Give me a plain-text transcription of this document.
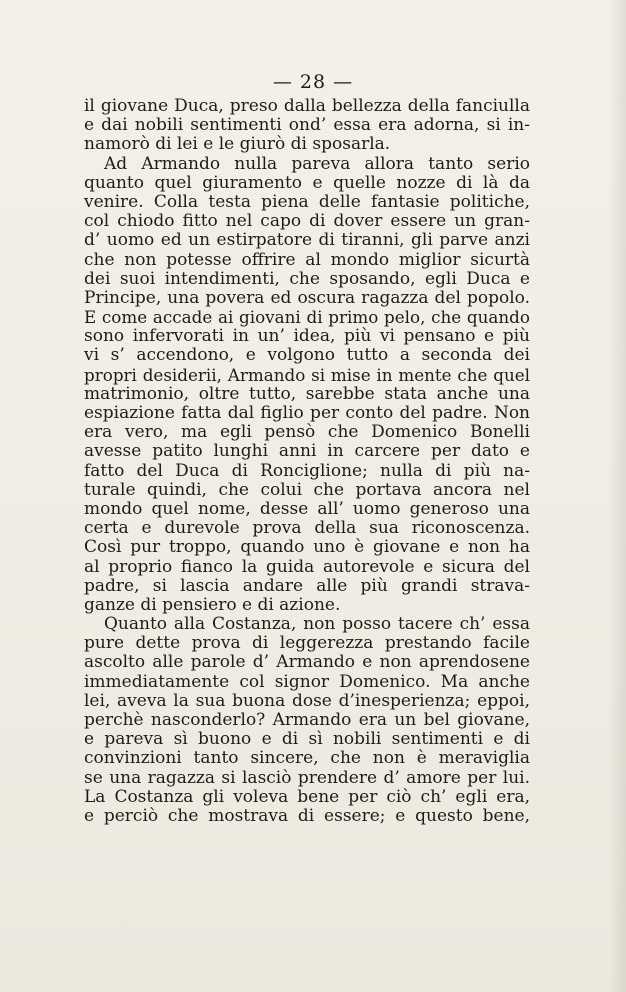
— 28 —
il giovane Duca, preso dalla bellezza della fanciulla
e dai nobili sentimenti ond’ essa era adorna, si in-
namorò di lei e le giurò di sposarla.
Ad Armando nulla pareva allora tanto serio
quanto quel giuramento e quelle nozze di là da
venire. Colla testa piena delle fantasie politiche,
col chiodo fitto nel capo di dover essere un gran-
d’ uomo ed un estirpatore di tiranni, gli parve anzi
che non potesse offrire al mondo miglior sicurtà
dei suoi intendimenti, che sposando, egli Duca e
Principe, una povera ed oscura ragazza del popolo.
E come accade ai giovani di primo pelo, che quando
sono infervorati in un’ idea, più vi pensano e più
vi s’ accendono, e volgono tutto a seconda dei
propri desiderii, Armando si mise in mente che quel
matrimonio, oltre tutto, sarebbe stata anche una
espiazione fatta dal figlio per conto del padre. Non
era vero, ma egli pensò che Domenico Bonelli
avesse patito lunghi anni in carcere per dato e
fatto del Duca di Ronciglione; nulla di più na-
turale quindi, che colui che portava ancora nel
mondo quel nome, desse all’ uomo generoso una
certa e durevole prova della sua riconoscenza.
Così pur troppo, quando uno è giovane e non ha
al proprio fianco la guida autorevole e sicura del
padre, si lascia andare alle più grandi strava-
ganze di pensiero e di azione.
Quanto alla Costanza, non posso tacere ch’ essa
pure dette prova di leggerezza prestando facile
ascolto alle parole d’ Armando e non aprendosene
immediatamente col signor Domenico. Ma anche
lei, aveva la sua buona dose d’inesperienza; eppoi,
perchè nasconderlo? Armando era un bel giovane,
e pareva sì buono e di sì nobili sentimenti e di
convinzioni tanto sincere, che non è meraviglia
se una ragazza si lasciò prendere d’ amore per lui.
La Costanza gli voleva bene per ciò ch’ egli era,
e perciò che mostrava di essere; e questo bene,
